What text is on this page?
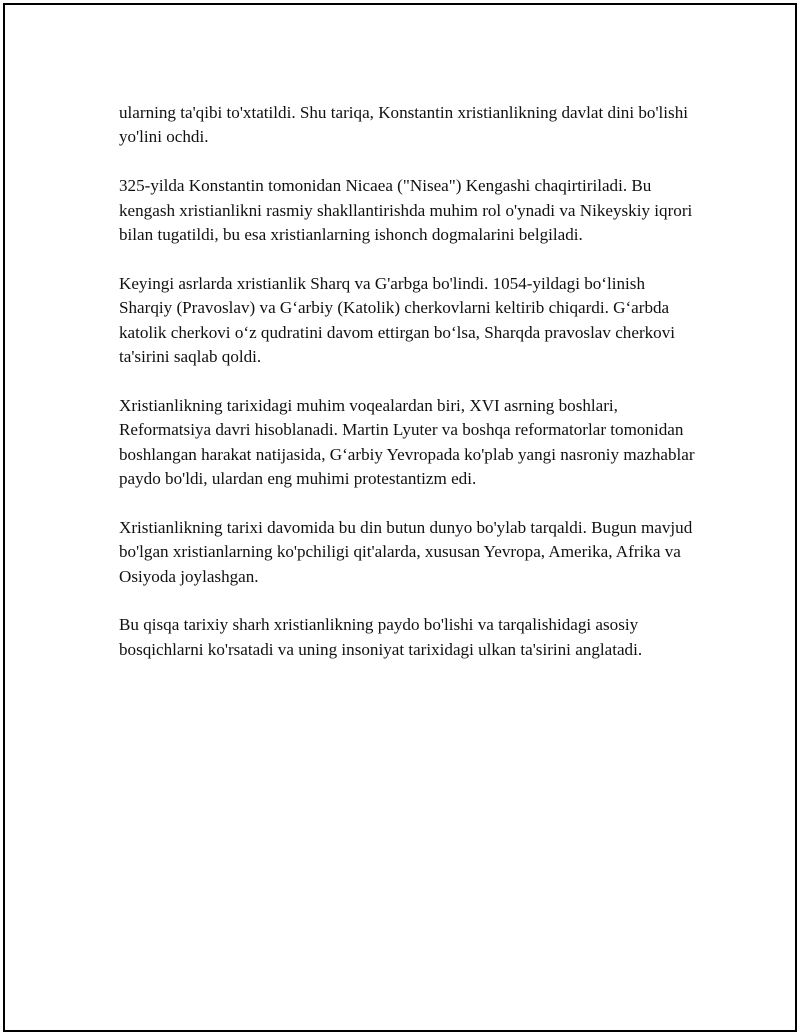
ularning ta'qibi to'xtatildi. Shu tariqa, Konstantin xristianlikning davlat dini bo'lishi yo'lini ochdi.

325-yilda Konstantin tomonidan Nicaea ("Nisea") Kengashi chaqirtiriladi. Bu kengash xristianlikni rasmiy shakllantirishda muhim rol o'ynadi va Nikeyskiy iqrori bilan tugatildi, bu esa xristianlarning ishonch dogmalarini belgiladi.

Keyingi asrlarda xristianlik Sharq va G'arbga bo'lindi. 1054-yildagi bo‘linish Sharqiy (Pravoslav) va G‘arbiy (Katolik) cherkovlarni keltirib chiqardi. G‘arbda katolik cherkovi o‘z qudratini davom ettirgan bo‘lsa, Sharqda pravoslav cherkovi ta'sirini saqlab qoldi.

Xristianlikning tarixidagi muhim voqealardan biri, XVI asrning boshlari, Reformatsiya davri hisoblanadi. Martin Lyuter va boshqa reformatorlar tomonidan boshlangan harakat natijasida, G‘arbiy Yevropada ko'plab yangi nasroniy mazhablar paydo bo'ldi, ulardan eng muhimi protestantizm edi.

Xristianlikning tarixi davomida bu din butun dunyo bo'ylab tarqaldi. Bugun mavjud bo'lgan xristianlarning ko'pchiligi qit'alarda, xususan Yevropa, Amerika, Afrika va Osiyoda joylashgan.

Bu qisqa tarixiy sharh xristianlikning paydo bo'lishi va tarqalishidagi asosiy bosqichlarni ko'rsatadi va uning insoniyat tarixidagi ulkan ta'sirini anglatadi.
